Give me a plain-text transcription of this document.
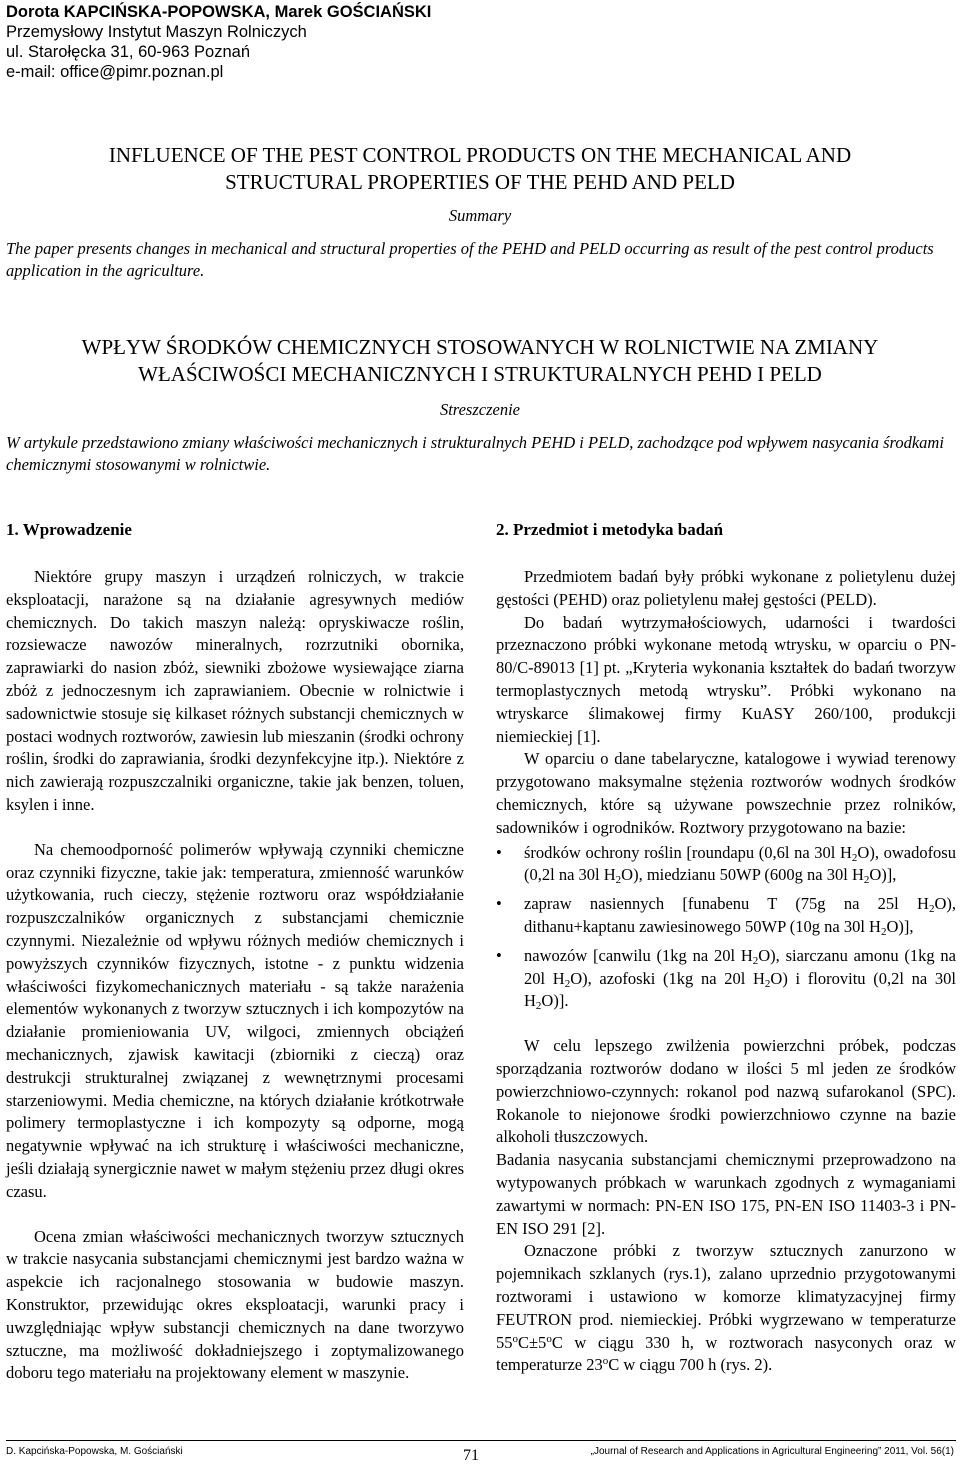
Dorota KAPCIŃSKA-POPOWSKA, Marek GOŚCIAŃSKI
Przemysłowy Instytut Maszyn Rolniczych
ul. Starołęcka 31, 60-963 Poznań
e-mail: office@pimr.poznan.pl
INFLUENCE OF THE PEST CONTROL PRODUCTS ON THE MECHANICAL AND
STRUCTURAL PROPERTIES OF THE PEHD AND PELD
Summary
The paper presents changes in mechanical and structural properties of the PEHD and PELD occurring as result of the pest control products application in the agriculture.
WPŁYW ŚRODKÓW CHEMICZNYCH STOSOWANYCH W ROLNICTWIE NA ZMIANY
WŁAŚCIWOŚCI MECHANICZNYCH I STRUKTURALNYCH PEHD I PELD
Streszczenie
W artykule przedstawiono zmiany właściwości mechanicznych i strukturalnych PEHD i PELD, zachodzące pod wpływem nasycania środkami chemicznymi stosowanymi w rolnictwie.
1. Wprowadzenie

Niektóre grupy maszyn i urządzeń rolniczych, w trakcie eksploatacji, narażone są na działanie agresywnych mediów chemicznych. Do takich maszyn należą: opryskiwacze roślin, rozsiewacze nawozów mineralnych, rozrzutniki obornika, zaprawiarki do nasion zbóż, siewniki zbożowe wysiewające ziarna zbóż z jednoczesnym ich zaprawianiem. Obecnie w rolnictwie i sadownictwie stosuje się kilkaset różnych substancji chemicznych w postaci wodnych roztworów, zawiesin lub mieszanin (środki ochrony roślin, środki do zaprawiania, środki dezynfekcyjne itp.). Niektóre z nich zawierają rozpuszczalniki organiczne, takie jak benzen, toluen, ksylen i inne.

Na chemoodporność polimerów wpływają czynniki chemiczne oraz czynniki fizyczne, takie jak: temperatura, zmienność warunków użytkowania, ruch cieczy, stężenie roztworu oraz współdziałanie rozpuszczalników organicznych z substancjami chemicznie czynnymi. Niezależnie od wpływu różnych mediów chemicznych i powyższych czynników fizycznych, istotne - z punktu widzenia właściwości fizykomechanicznych materiału - są także narażenia elementów wykonanych z tworzyw sztucznych i ich kompozytów na działanie promieniowania UV, wilgoci, zmiennych obciążeń mechanicznych, zjawisk kawitacji (zbiorniki z cieczą) oraz destrukcji strukturalnej związanej z wewnętrznymi procesami starzeniowymi. Media chemiczne, na których działanie krótkotrwałe polimery termoplastyczne i ich kompozyty są odporne, mogą negatywnie wpływać na ich strukturę i właściwości mechaniczne, jeśli działają synergicznie nawet w małym stężeniu przez długi okres czasu.

Ocena zmian właściwości mechanicznych tworzyw sztucznych w trakcie nasycania substancjami chemicznymi jest bardzo ważna w aspekcie ich racjonalnego stosowania w budowie maszyn. Konstruktor, przewidując okres eksploatacji, warunki pracy i uwzględniając wpływ substancji chemicznych na dane tworzywo sztuczne, ma możliwość dokładniejszego i zoptymalizowanego doboru tego materiału na projektowany element w maszynie.

2. Przedmiot i metodyka badań

Przedmiotem badań były próbki wykonane z polietylenu dużej gęstości (PEHD) oraz polietylenu małej gęstości (PELD).

Do badań wytrzymałościowych, udarności i twardości przeznaczono próbki wykonane metodą wtrysku, w oparciu o PN-80/C-89013 [1] pt. „Kryteria wykonania kształtek do badań tworzyw termoplastycznych metodą wtrysku”. Próbki wykonano na wtryskarce ślimakowej firmy KuASY 260/100, produkcji niemieckiej [1].

W oparciu o dane tabelaryczne, katalogowe i wywiad terenowy przygotowano maksymalne stężenia roztworów wodnych środków chemicznych, które są używane powszechnie przez rolników, sadowników i ogrodników. Roztwory przygotowano na bazie:

• środków ochrony roślin [roundapu (0,6l na 30l $H_2O$), owadofosu (0,2l na 30l $H_2O$), miedzianu 50WP (600g na 30l $H_2O$)],
• zapraw nasiennych [funabenu T (75g na 25l $H_2O$), dithanu+kaptanu zawiesinowego 50WP (10g na 30l $H_2O$)],
• nawozów [canwilu (1kg na 20l $H_2O$), siarczanu amonu (1kg na 20l $H_2O$), azofoski (1kg na 20l $H_2O$) i florovitu (0,2l na 30l $H_2O$)].

W celu lepszego zwilżenia powierzchni próbek, podczas sporządzania roztworów dodano w ilości 5 ml jeden ze środków powierzchniowo-czynnych: rokanol pod nazwą sufarokanol (SPC). Rokanole to niejonowe środki powierzchniowo czynne na bazie alkoholi tłuszczowych.

Badania nasycania substancjami chemicznymi przeprowadzono na wytypowanych próbkach w warunkach zgodnych z wymaganiami zawartymi w normach: PN-EN ISO 175, PN-EN ISO 11403-3 i PN-EN ISO 291 [2].

Oznaczone próbki z tworzyw sztucznych zanurzono w pojemnikach szklanych (rys.1), zalano uprzednio przygotowanymi roztworami i ustawiono w komorze klimatyzacyjnej firmy FEUTRON prod. niemieckiej. Próbki wygrzewano w temperaturze $55^oC\pm 5^oC$ w ciągu 330 h, w roztworach nasyconych oraz w temperaturze 23$^o$C w ciągu 700 h (rys. 2).

D. Kapcińska-Popowska, M. Gościański	71	„Journal of Research and Applications in Agricultural Engineering” 2011, Vol. 56(1)
